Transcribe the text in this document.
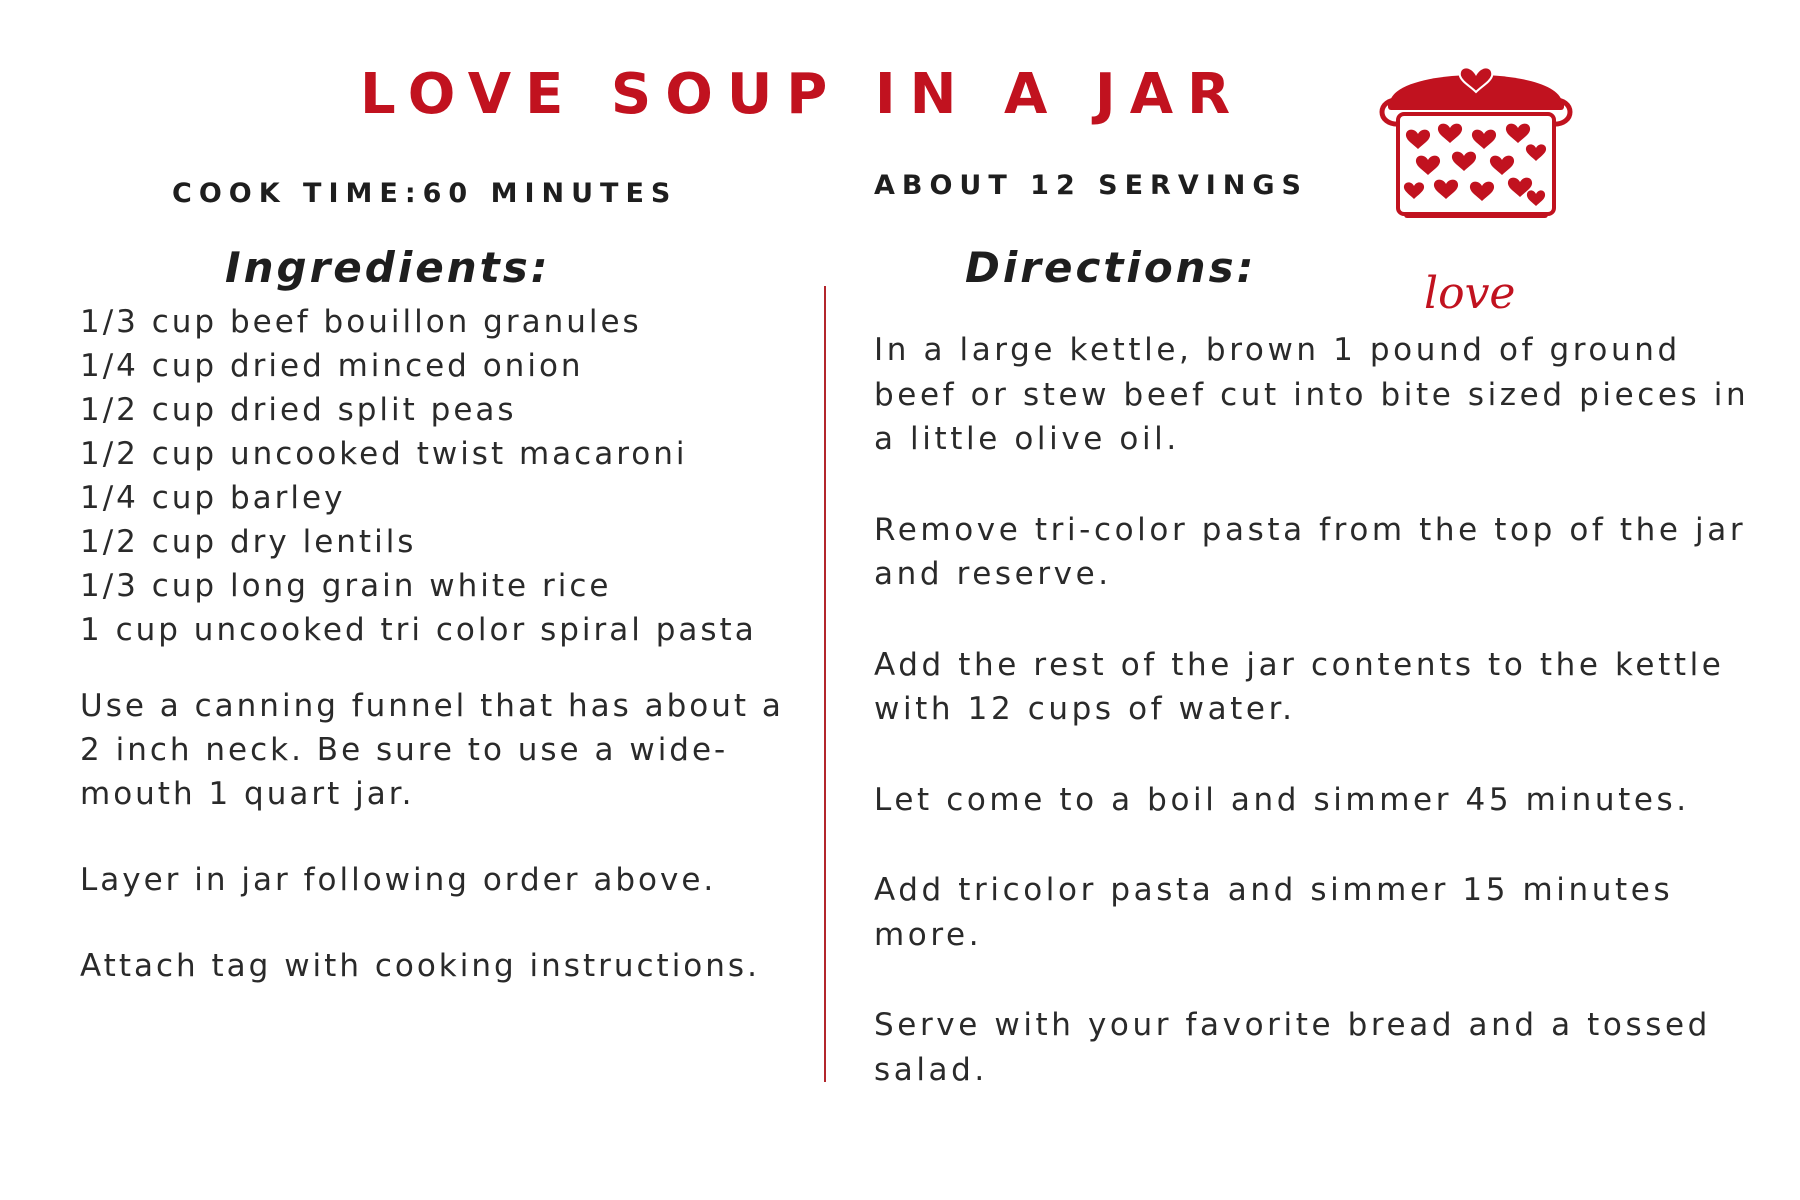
LOVE SOUP IN A JAR
COOK TIME:60 MINUTES	ABOUT 12 SERVINGS
love
Ingredients:	Directions:
1/3 cup beef bouillon granules
1/4 cup dried minced onion
1/2 cup dried split peas
1/2 cup uncooked twist macaroni
1/4 cup barley
1/2 cup dry lentils
1/3 cup long grain white rice
1 cup uncooked tri color spiral pasta

Use a canning funnel that has about a 2 inch neck. Be sure to use a wide-mouth 1 quart jar.

Layer in jar following order above.

Attach tag with cooking instructions.

In a large kettle, brown 1 pound of ground beef or stew beef cut into bite sized pieces in a little olive oil.

Remove tri-color pasta from the top of the jar and reserve.

Add the rest of the jar contents to the kettle with 12 cups of water.

Let come to a boil and simmer 45 minutes.

Add tricolor pasta and simmer 15 minutes more.

Serve with your favorite bread and a tossed salad.
